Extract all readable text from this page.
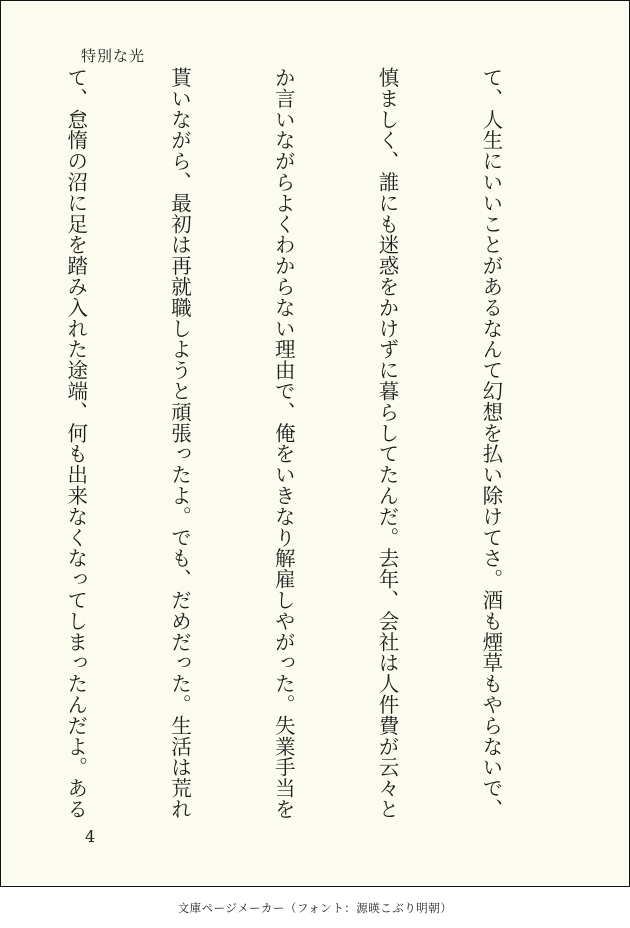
特別な光

て、人生にいいことがあるなんて幻想を払い除けてさ。酒も煙草もやらないで、

慎ましく、誰にも迷惑をかけずに暮らしてたんだ。去年、会社は人件費が云々と

か言いながらよくわからない理由で、俺をいきなり解雇しやがった。失業手当を

貰いながら、最初は再就職しようと頑張ったよ。でも、だめだった。生活は荒れ

て、怠惰の沼に足を踏み入れた途端、何も出来なくなってしまったんだよ。ある

4
文庫ページメーカー（フォント：源暎こぶり明朝）
